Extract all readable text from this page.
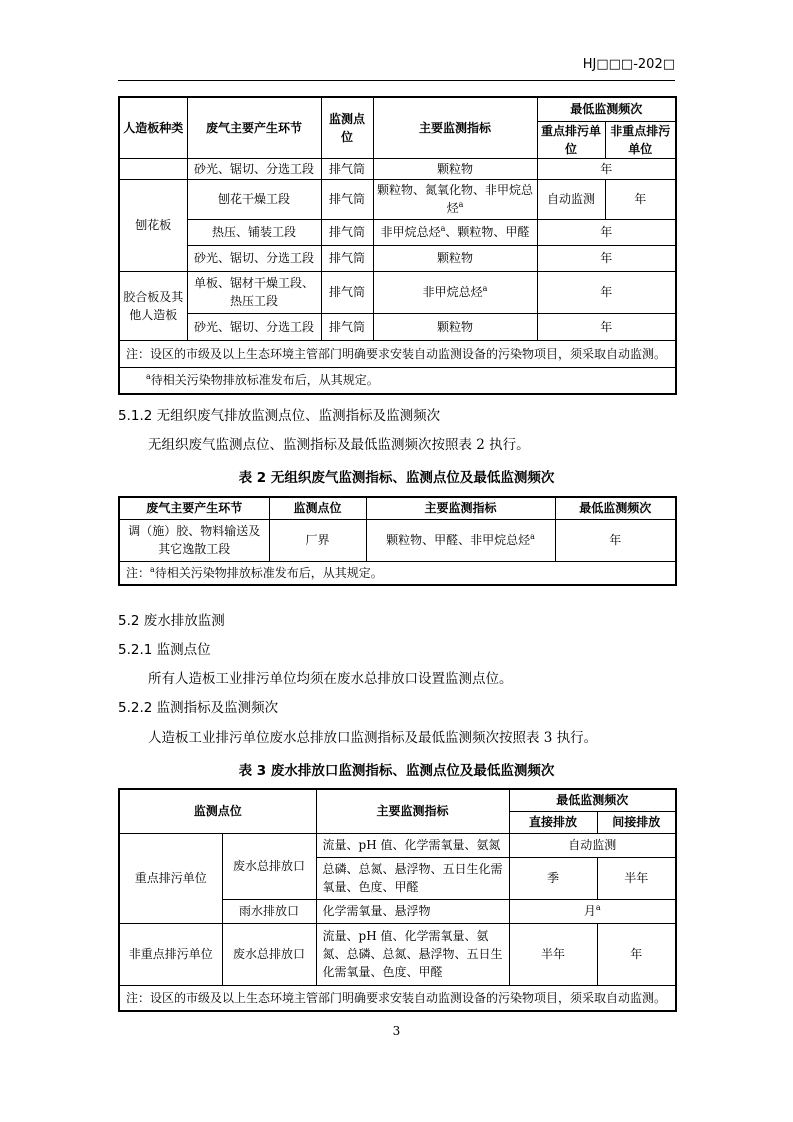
HJ□□□-202□
人造板种类	废气主要产生环节	监测点位	主要监测指标	最低监测频次	
				重点排污单位	非重点排污单位
	砂光、锯切、分选工段	排气筒	颗粒物	年	
刨花板	刨花干燥工段	排气筒	颗粒物、氮氧化物、非甲烷总烃$^a$	自动监测	年
	热压、铺装工段	排气筒	非甲烷总烃$^a$、颗粒物、甲醛	年	
	砂光、锯切、分选工段	排气筒	颗粒物	年	
胶合板及其他人造板	单板、锯材干燥工段、热压工段	排气筒	非甲烷总烃$^a$	年	
	砂光、锯切、分选工段	排气筒	颗粒物	年	
注：设区的市级及以上生态环境主管部门明确要求安装自动监测设备的污染物项目，须采取自动监测。					
$^a$待相关污染物排放标准发布后，从其规定。					
5.1.2 无组织废气排放监测点位、监测指标及监测频次
无组织废气监测点位、监测指标及最低监测频次按照表 2 执行。
表 2 无组织废气监测指标、监测点位及最低监测频次
废气主要产生环节	监测点位	主要监测指标	最低监测频次
调（施）胶、物料输送及其它逸散工段	厂界	颗粒物、甲醛、非甲烷总烃$^a$	年
注：$^a$待相关污染物排放标准发布后，从其规定。			
5.2 废水排放监测
5.2.1 监测点位
所有人造板工业排污单位均须在废水总排放口设置监测点位。
5.2.2 监测指标及监测频次
人造板工业排污单位废水总排放口监测指标及最低监测频次按照表 3 执行。
表 3 废水排放口监测指标、监测点位及最低监测频次
监测点位		主要监测指标	最低监测频次	
			直接排放	间接排放
重点排污单位	废水总排放口	流量、pH 值、化学需氧量、氨氮	自动监测	
		总磷、总氮、悬浮物、五日生化需氧量、色度、甲醛	季	半年
	雨水排放口	化学需氧量、悬浮物	月$^a$
非重点排污单位	废水总排放口	流量、pH 值、化学需氧量、氨氮、总磷、总氮、悬浮物、五日生化需氧量、色度、甲醛	半年	年
注：设区的市级及以上生态环境主管部门明确要求安装自动监测设备的污染物项目，须采取自动监测。				
3
